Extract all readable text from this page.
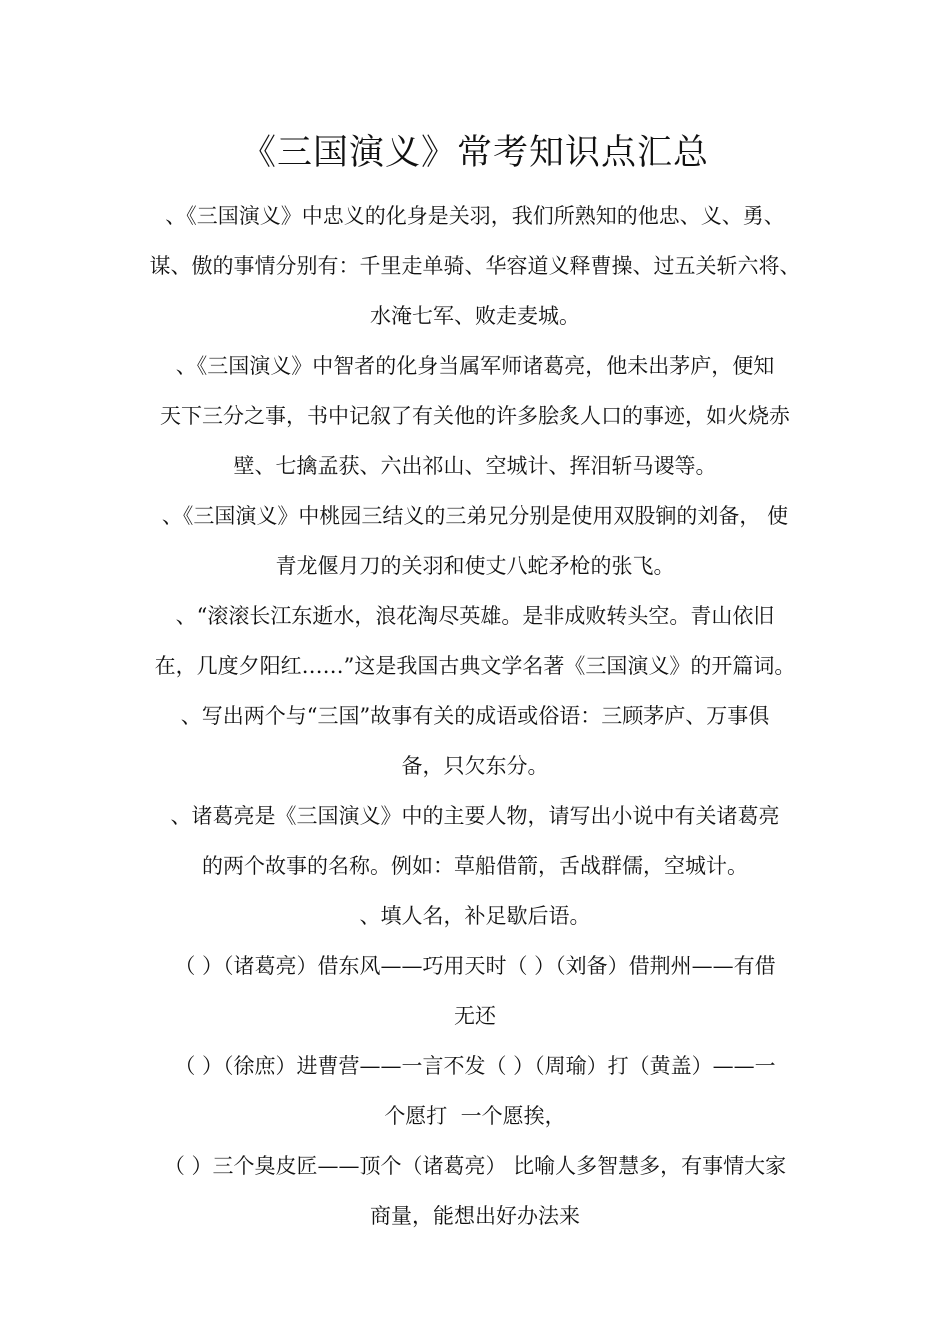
《三国演义》常考知识点汇总
、《三国演义》中忠义的化身是关羽，我们所熟知的他忠、义、勇、
谋、傲的事情分别有：千里走单骑、华容道义释曹操、过五关斩六将、
水淹七军、败走麦城。
、《三国演义》中智者的化身当属军师诸葛亮，他未出茅庐，便知
天下三分之事，书中记叙了有关他的许多脍炙人口的事迹，如火烧赤
壁、七擒孟获、六出祁山、空城计、挥泪斩马谡等。
、《三国演义》中桃园三结义的三弟兄分别是使用双股锏的刘备， 使
青龙偃月刀的关羽和使丈八蛇矛枪的张飞。
、“滚滚长江东逝水，浪花淘尽英雄。是非成败转头空。青山依旧
在，几度夕阳红……”这是我国古典文学名著《三国演义》的开篇词。
、写出两个与“三国”故事有关的成语或俗语：三顾茅庐、万事俱
备，只欠东分。
、诸葛亮是《三国演义》中的主要人物，请写出小说中有关诸葛亮
的两个故事的名称。例如：草船借箭，舌战群儒，空城计。
、填人名，补足歇后语。
（ ）（诸葛亮）借东风——巧用天时（ ）（刘备）借荆州——有借
无还
（ ）（徐庶）进曹营——一言不发（ ）（周瑜）打（黄盖）——一
个愿打  一个愿挨，
（ ）三个臭皮匠——顶个（诸葛亮） 比喻人多智慧多，有事情大家
商量，能想出好办法来
